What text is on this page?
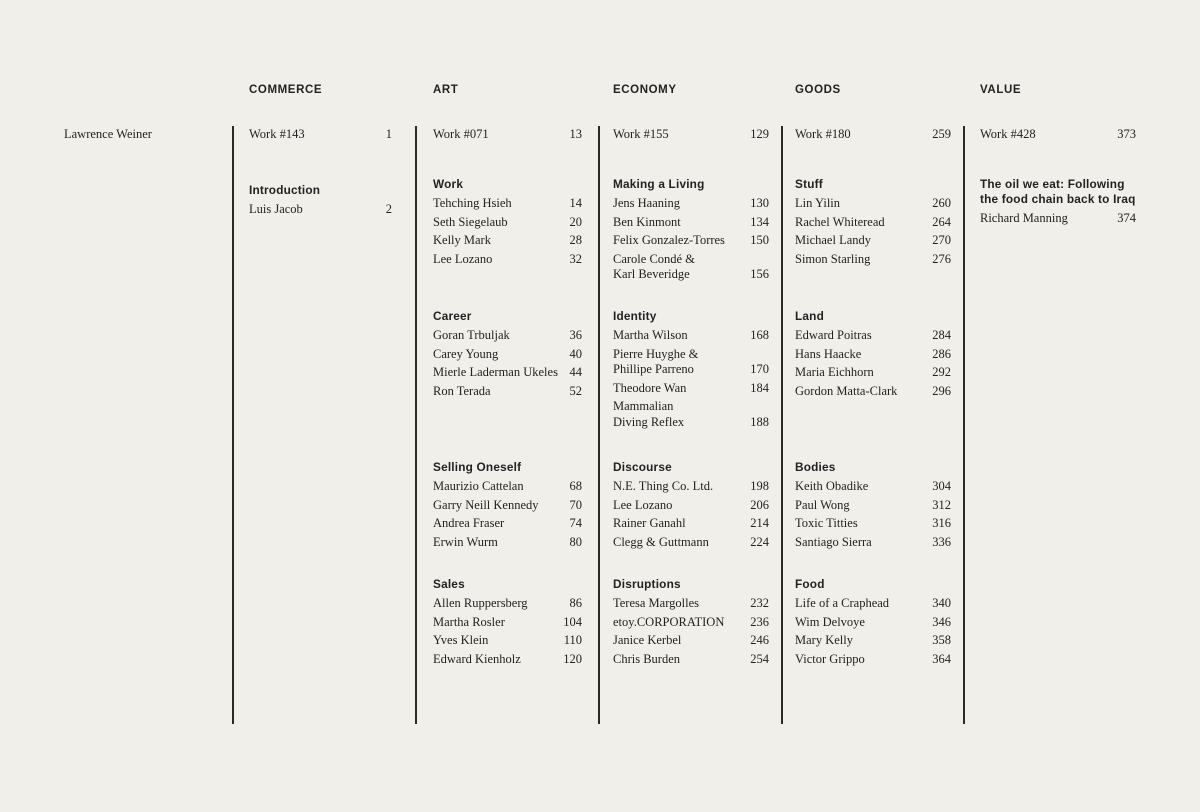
Lawrence Weiner
COMMERCE
Work #143	1
Introduction
Luis Jacob	2
ART
Work #071	13
Work
Tehching Hsieh	14
Seth Siegelaub	20
Kelly Mark	28
Lee Lozano	32
Career
Goran Trbuljak	36
Carey Young	40
Mierle Laderman Ukeles 44
Ron Terada	52
Selling Oneself
Maurizio Cattelan	68
Garry Neill Kennedy	70
Andrea Fraser	74
Erwin Wurm	80
Sales
Allen Ruppersberg	86
Martha Rosler	104
Yves Klein	110
Edward Kienholz	120
ECONOMY
Work #155	129
Making a Living
Jens Haaning	130
Ben Kinmont	134
Felix Gonzalez-Torres	150
Carole Condé &
Karl Beveridge	156
Identity
Martha Wilson	168
Pierre Huyghe &
Phillipe Parreno	170
Theodore Wan	184
Mammalian
Diving Reflex	188
Discourse
N.E. Thing Co. Ltd.	198
Lee Lozano	206
Rainer Ganahl	214
Clegg & Guttmann	224
Disruptions
Teresa Margolles	232
etoy.CORPORATION	236
Janice Kerbel	246
Chris Burden	254
GOODS
Work #180	259
Stuff
Lin Yilin	260
Rachel Whiteread	264
Michael Landy	270
Simon Starling	276
Land
Edward Poitras	284
Hans Haacke	286
Maria Eichhorn	292
Gordon Matta-Clark	296
Bodies
Keith Obadike	304
Paul Wong	312
Toxic Titties	316
Santiago Sierra	336
Food
Life of a Craphead	340
Wim Delvoye	346
Mary Kelly	358
Victor Grippo	364
VALUE
Work #428	373
The oil we eat: Following
the food chain back to Iraq
Richard Manning	374
